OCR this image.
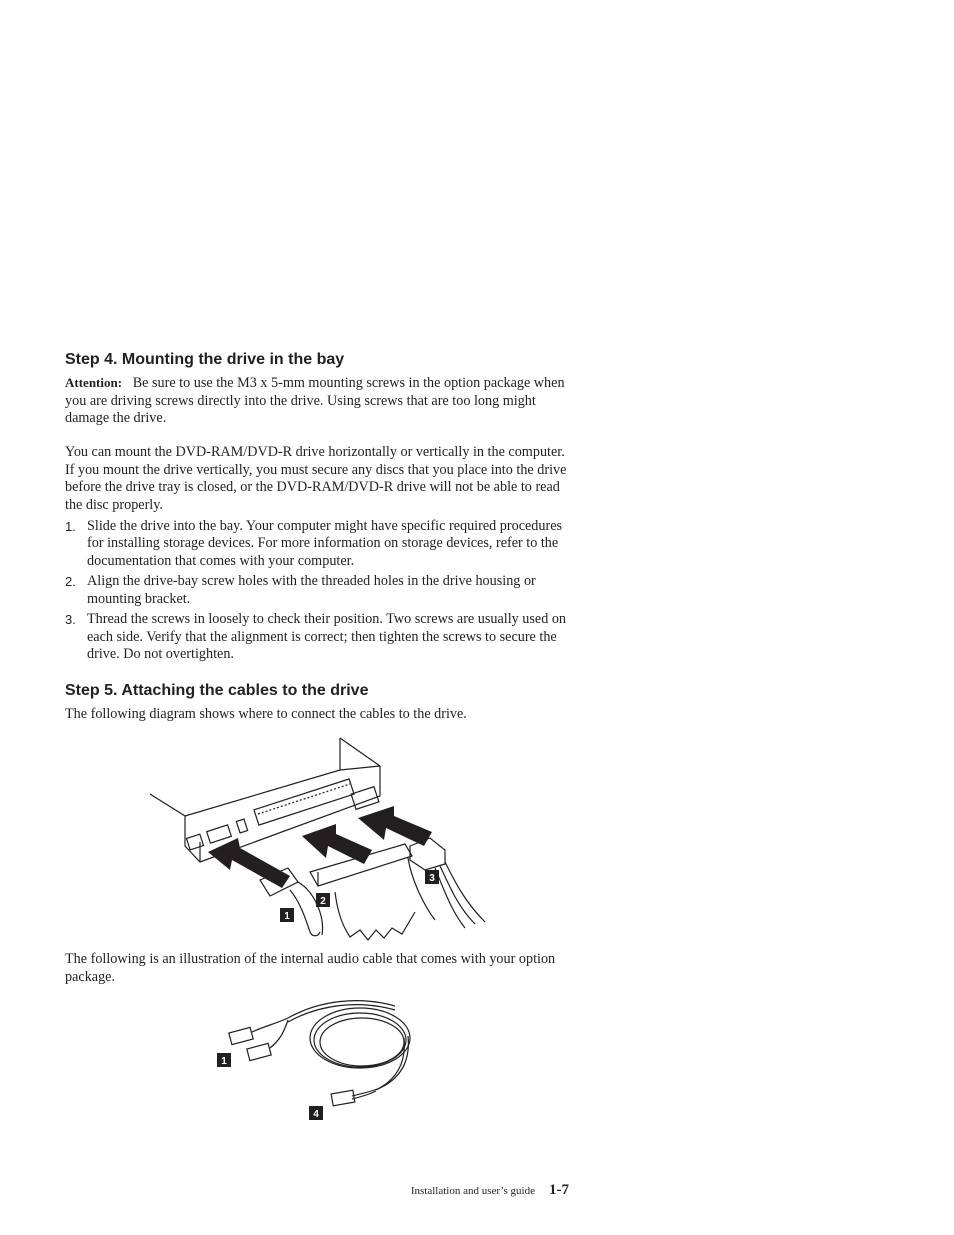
Step 4. Mounting the drive in the bay
Attention: Be sure to use the M3 x 5-mm mounting screws in the option package when you are driving screws directly into the drive. Using screws that are too long might damage the drive.
You can mount the DVD-RAM/DVD-R drive horizontally or vertically in the computer. If you mount the drive vertically, you must secure any discs that you place into the drive before the drive tray is closed, or the DVD-RAM/DVD-R drive will not be able to read the disc properly.
1. Slide the drive into the bay. Your computer might have specific required procedures for installing storage devices. For more information on storage devices, refer to the documentation that comes with your computer.
2. Align the drive-bay screw holes with the threaded holes in the drive housing or mounting bracket.
3. Thread the screws in loosely to check their position. Two screws are usually used on each side. Verify that the alignment is correct; then tighten the screws to secure the drive. Do not overtighten.
Step 5. Attaching the cables to the drive
The following diagram shows where to connect the cables to the drive.
The following is an illustration of the internal audio cable that comes with your option package.
1
2
3
1
4
Installation and user’s guide 1-7
